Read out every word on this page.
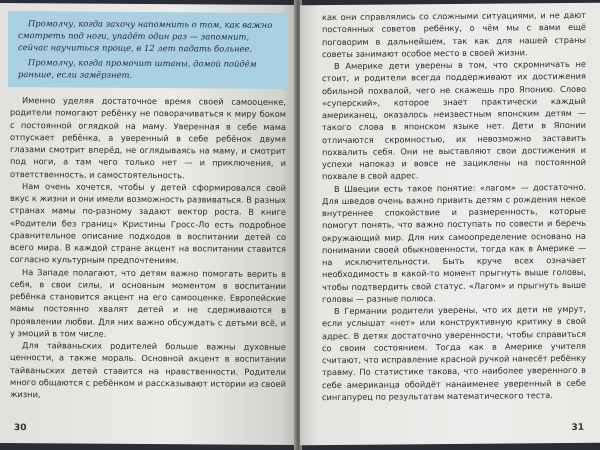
Промолчу, когда захочу напомнить о том, как важно смотреть под ноги, упадёт один раз — запомнит, сейчас научиться проще, в 12 лет падать больнее.

Промолчу, когда промочит штаны, домой пойдём раньше, если замёрзнет.

Именно уделяя достаточное время своей самооценке, родители помогают ребёнку не поворачиваться к миру боком с постоянной оглядкой на маму. Уверенная в себе мама отпускает ребёнка, а уверенный в себе ребёнок двумя глазами смотрит вперёд, не оглядываясь на маму, и смотрит под ноги, а там чего только нет — и приключения, и ответственность, и самостоятельность.

Нам очень хочется, чтобы у детей сформировался свой вкус к жизни и они имели возможность развиваться. В разных странах мамы по-разному задают вектор роста. В книге «Родители без границ» Кристины Гросс-Ло есть подробное сравнительное описание подходов в воспитании детей со всего мира. В каждой стране акцент на воспитании ставится согласно культурным предпочтениям.

На Западе полагают, что детям важно помогать верить в себя, в свои силы, и основным моментом в воспитании ребёнка становится акцент на его самооценке. Европейские мамы постоянно хвалят детей и не сдерживаются в проявлении любви. Для них важно обсуждать с детьми всё, и у эмоций в том числе.

Для тайваньских родителей больше важны духовные ценности, а также мораль. Основной акцент в воспитании тайваньских детей ставится на нравственности. Родители много общаются с ребёнком и рассказывают истории из своей жизни,

30

как они справлялись со сложными ситуациями, и не дают постоянных советов ребёнку, о чём мы с вами ещё поговорим в дальнейшем, так как для нашей страны советы занимают особое место в своей жизни.

В Америке дети уверены в том, что скромничать не стоит, и родители всегда поддерживают их достижения обильной похвалой, чего не скажешь про Японию. Слово «суперский», которое знает практически каждый американец, оказалось неизвестным японским детям — такого слова в японском языке нет. Дети в Японии отличаются скромностью, их невозможно заставить похвалить себя. Они не выставляют свои достижения и успехи напоказ и вовсе не зациклены на постоянной похвале в свой адрес.

В Швеции есть такое понятие: «лагом» — достаточно. Для шведов очень важно привить детям с рождения некое внутреннее спокойствие и размеренность, которые помогут понять, что важно поступать по совести и беречь окружающий мир. Для них самоопределение основано на понимании своей обыкновенности, тогда как в Америке — на исключительности. Быть круче всех означает необходимость в какой-то момент прыгнуть выше головы, чтобы подтвердить свой статус. «Лагом» и прыгнуть выше головы — разные полюса.

В Германии родители уверены, что их дети не умрут, если услышат «нет» или конструктивную критику в свой адрес. В детях достаточно уверенности, чтобы справиться со своим состоянием. Тогда как в Америке учителя считают, что исправление красной ручкой нанесёт ребёнку травму. По статистике такова, что наиболее уверенного в себе американца обойдёт нанаименее уверенный в себе сингапурец по результатам математического теста.

31
